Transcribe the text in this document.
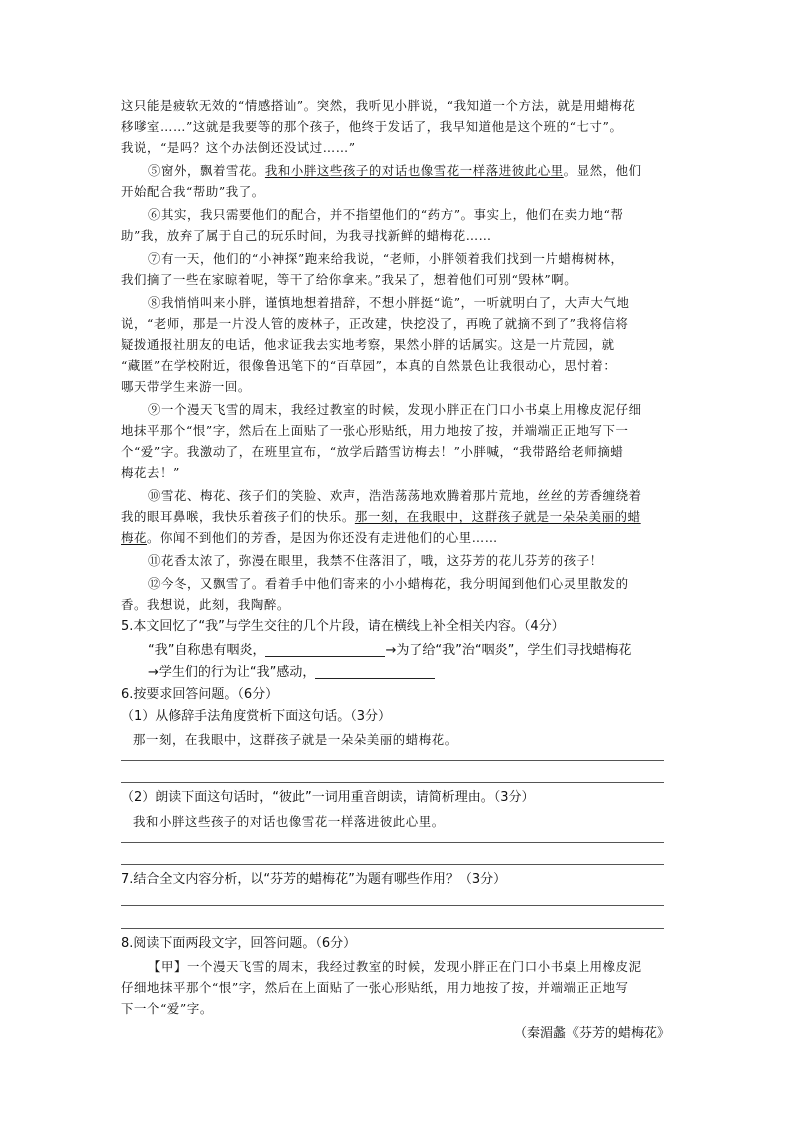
这只能是疲软无效的“情感搭讪”。突然，我听见小胖说，“我知道一个方法，就是用蜡梅花
移嗲室……”这就是我要等的那个孩子，他终于发话了，我早知道他是这个班的“七寸”。
我说，“是吗？这个办法倒还没试过……”
⑤窗外，飘着雪花。我和小胖这些孩子的对话也像雪花一样落进彼此心里。显然，他们
开始配合我“帮助”我了。
⑥其实，我只需要他们的配合，并不指望他们的“药方”。事实上，他们在卖力地“帮
助”我，放弃了属于自己的玩乐时间，为我寻找新鲜的蜡梅花……
⑦有一天，他们的“小神探”跑来给我说，“老师，小胖领着我们找到一片蜡梅树林，
我们摘了一些在家晾着呢，等干了给你拿来。”我呆了，想着他们可别“毁林”啊。
⑧我悄悄叫来小胖，谨慎地想着措辞，不想小胖挺“诡”，一听就明白了，大声大气地
说，“老师，那是一片没人管的废林子，正改建，快挖没了，再晚了就摘不到了”我将信将
疑拨通报社朋友的电话，他求证我去实地考察，果然小胖的话属实。这是一片荒园，就
“藏匿”在学校附近，很像鲁迅笔下的“百草园”，本真的自然景色让我很动心，思忖着：
哪天带学生来游一回。
⑨一个漫天飞雪的周末，我经过教室的时候，发现小胖正在门口小书桌上用橡皮泥仔细
地抹平那个“恨”字，然后在上面贴了一张心形贴纸，用力地按了按，并端端正正地写下一
个“爱”字。我激动了，在班里宣布，“放学后踏雪访梅去！”小胖喊，“我带路给老师摘蜡
梅花去！”
⑩雪花、梅花、孩子们的笑脸、欢声，浩浩荡荡地欢腾着那片荒地，丝丝的芳香缠绕着
我的眼耳鼻喉，我快乐着孩子们的快乐。那一刻，在我眼中，这群孩子就是一朵朵美丽的蜡
梅花。你闻不到他们的芳香，是因为你还没有走进他们的心里……
⑪花香太浓了，弥漫在眼里，我禁不住落泪了，哦，这芬芳的花儿芬芳的孩子！
⑫今冬，又飘雪了。看着手中他们寄来的小小蜡梅花，我分明闻到他们心灵里散发的
香。我想说，此刻，我陶醉。
5.本文回忆了“我”与学生交往的几个片段，请在横线上补全相关内容。（4分）
“我”自称患有咽炎，	→为了给“我”治“咽炎”，学生们寻找蜡梅花
→学生们的行为让“我”感动，
6.按要求回答问题。（6分）
（1）从修辞手法角度赏析下面这句话。（3分）
那一刻，在我眼中，这群孩子就是一朵朵美丽的蜡梅花。
（2）朗读下面这句话时，“彼此”一词用重音朗读，请简析理由。（3分）
我和小胖这些孩子的对话也像雪花一样落进彼此心里。
7.结合全文内容分析，以“芬芳的蜡梅花”为题有哪些作用？（3分）
8.阅读下面两段文字，回答问题。（6分）
【甲】一个漫天飞雪的周末，我经过教室的时候，发现小胖正在门口小书桌上用橡皮泥
仔细地抹平那个“恨”字，然后在上面贴了一张心形贴纸，用力地按了按，并端端正正地写
下一个“爱”字。
（秦湄蠡《芬芳的蜡梅花》
